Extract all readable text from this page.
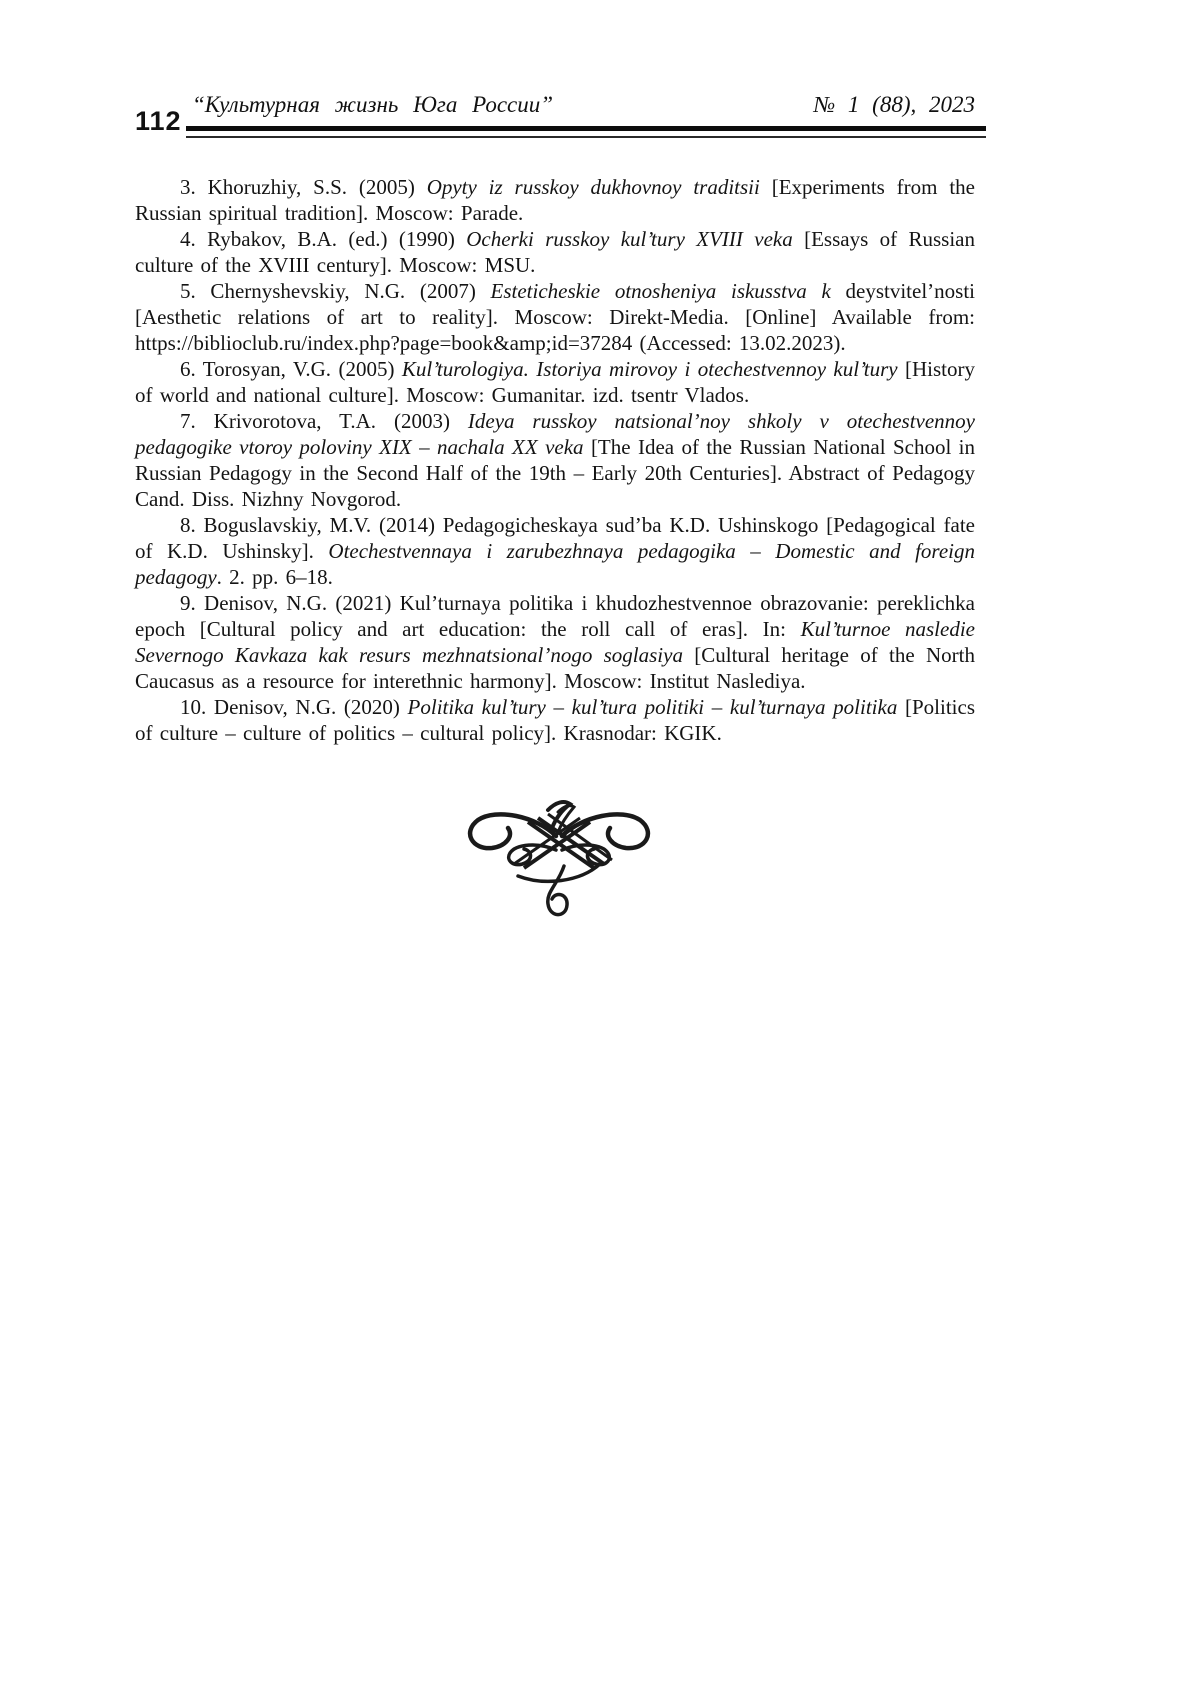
112
“Культурная жизнь Юга России”	№ 1 (88), 2023

3. Khoruzhiy, S.S. (2005) Opyty iz russkoy dukhovnoy traditsii [Experiments from the Russian spiritual tradition]. Moscow: Parade.

4. Rybakov, B.A. (ed.) (1990) Ocherki russkoy kul’tury XVIII veka [Essays of Russian culture of the XVIII century]. Moscow: MSU.

5. Chernyshevskiy, N.G. (2007) Esteticheskie otnosheniya iskusstva k deystvitel’nosti [Aesthetic relations of art to reality]. Moscow: Direkt-Media. [Online] Available from: https://biblioclub.ru/index.php?page=book&amp;id=37284 (Accessed: 13.02.2023).

6. Torosyan, V.G. (2005) Kul’turologiya. Istoriya mirovoy i otechestvennoy kul’tury [History of world and national culture]. Moscow: Gumanitar. izd. tsentr Vlados.

7. Krivorotova, T.A. (2003) Ideya russkoy natsional’noy shkoly v otechestvennoy pedagogike vtoroy poloviny XIX – nachala XX veka [The Idea of the Russian National School in Russian Pedagogy in the Second Half of the 19th – Early 20th Centuries]. Abstract of Pedagogy Cand. Diss. Nizhny Novgorod.

8. Boguslavskiy, M.V. (2014) Pedagogicheskaya sud’ba K.D. Ushinskogo [Pedagogical fate of K.D. Ushinsky]. Otechestvennaya i zarubezhnaya pedagogika – Domestic and foreign pedagogy. 2. pp. 6–18.

9. Denisov, N.G. (2021) Kul’turnaya politika i khudozhestvennoe obrazovanie: pereklichka epoch [Cultural policy and art education: the roll call of eras]. In: Kul’turnoe nasledie Severnogo Kavkaza kak resurs mezhnatsional’nogo soglasiya [Cultural heritage of the North Caucasus as a resource for interethnic harmony]. Moscow: Institut Naslediya.

10. Denisov, N.G. (2020) Politika kul’tury – kul’tura politiki – kul’turnaya politika [Politics of culture – culture of politics – cultural policy]. Krasnodar: KGIK.
